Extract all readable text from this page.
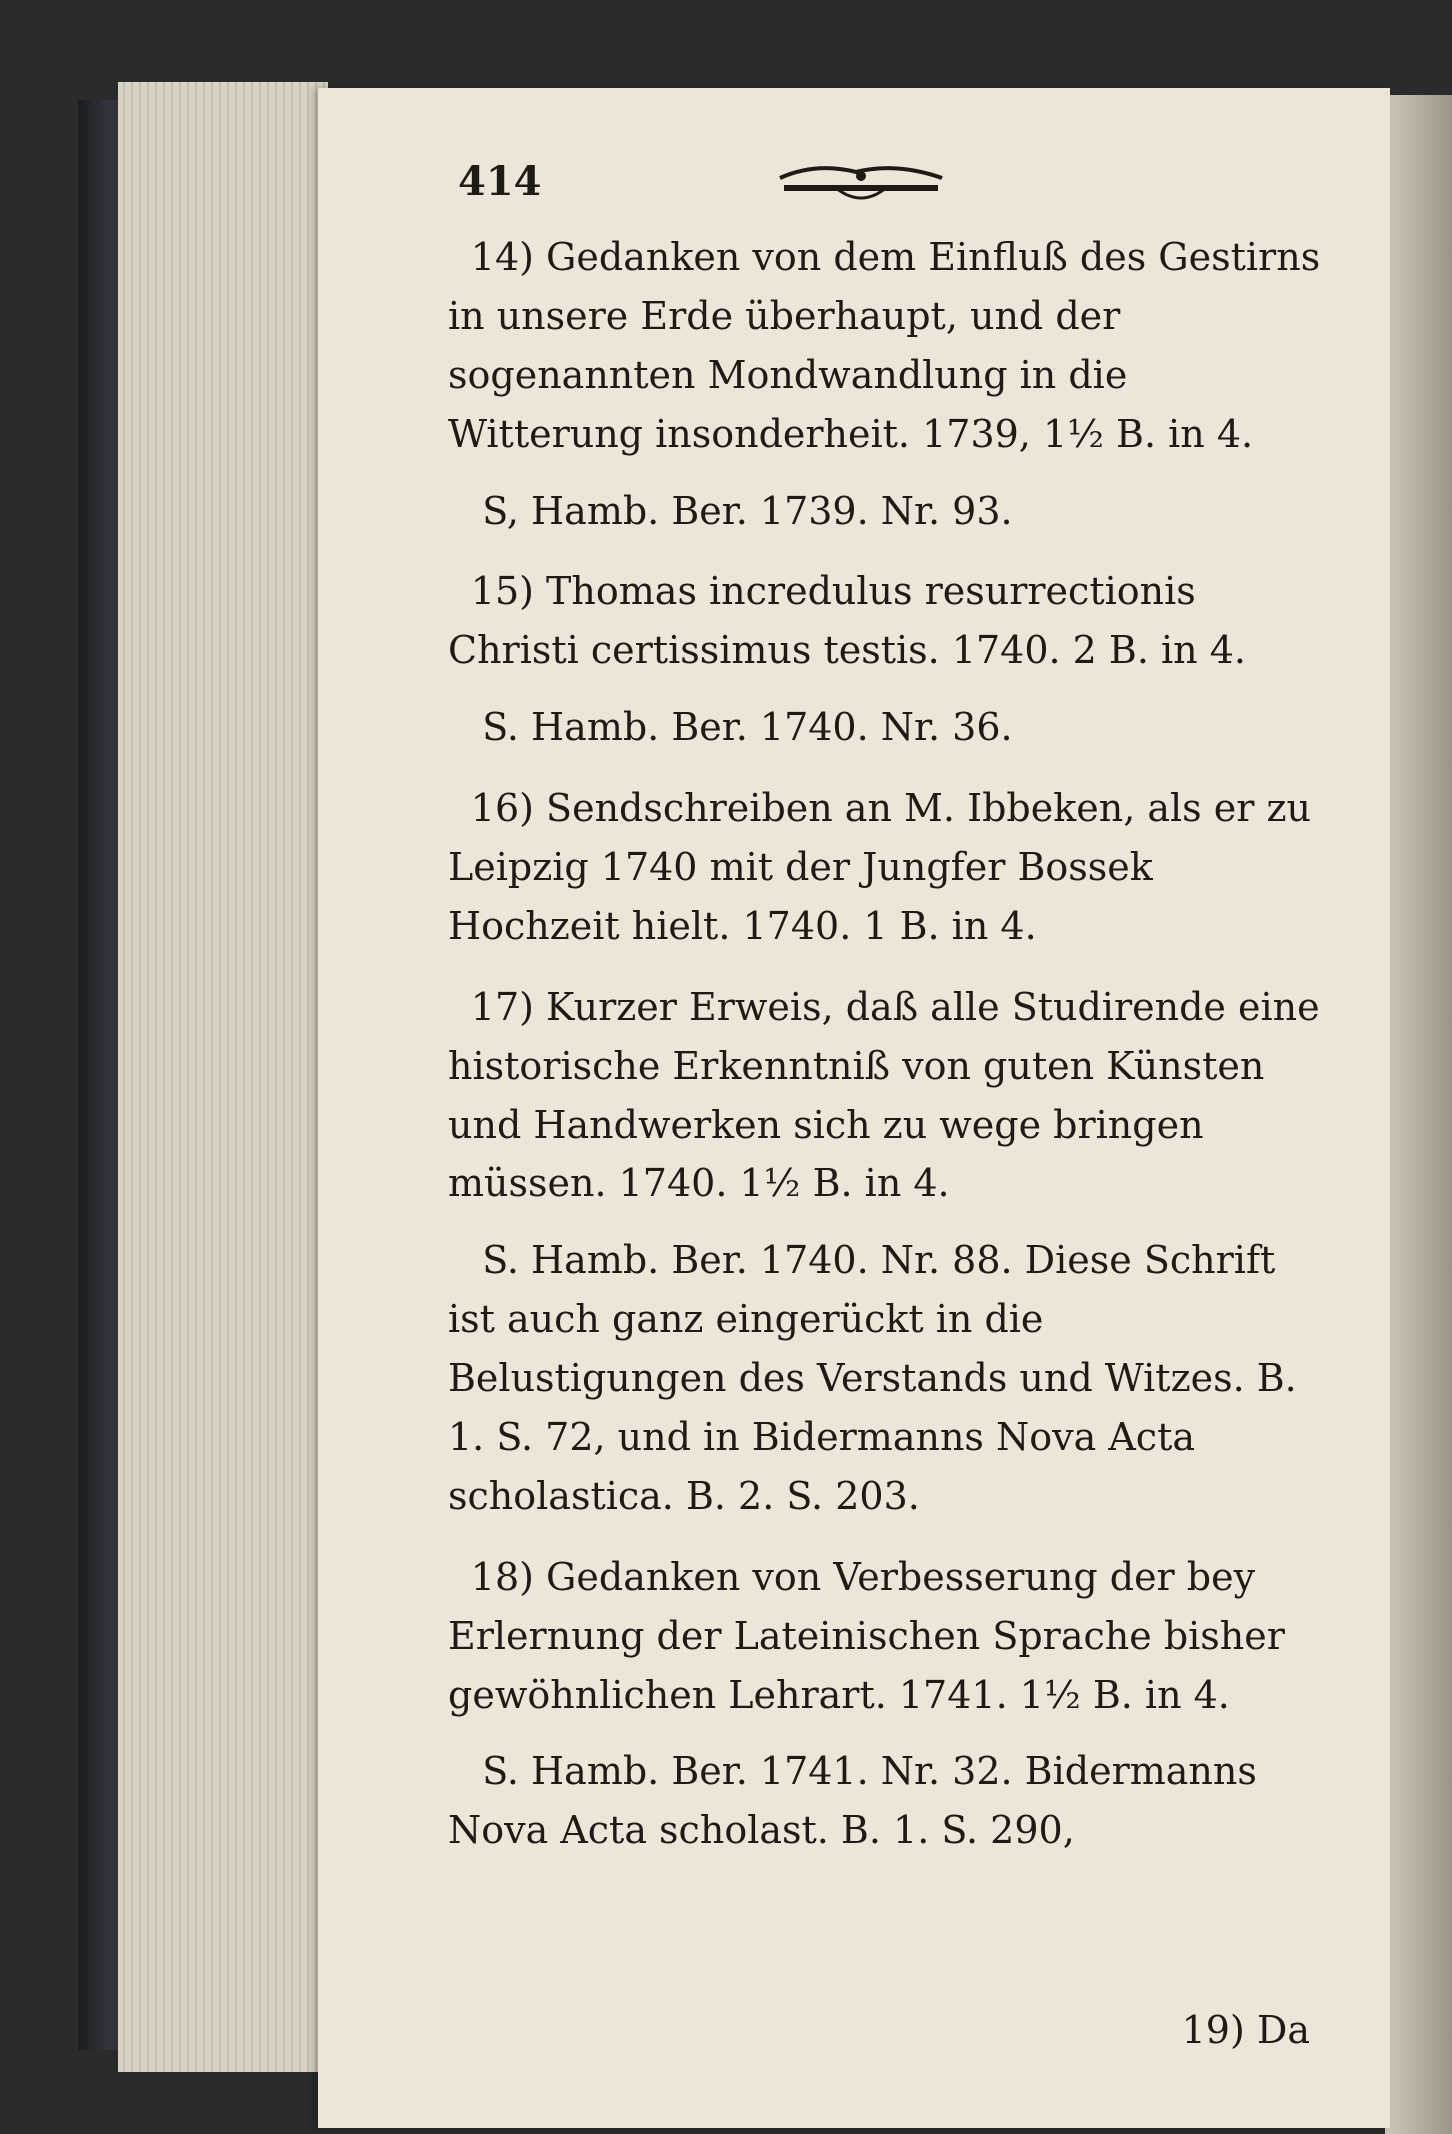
414

14) Gedanken von dem Einfluß des Gestirns in unsere Erde überhaupt, und der sogenannten Mondwandlung in die Witterung insonderheit. 1739, 1½ B. in 4.

S, Hamb. Ber. 1739. Nr. 93.

15) Thomas incredulus resurrectionis Christi certissimus testis. 1740. 2 B. in 4.

S. Hamb. Ber. 1740. Nr. 36.

16) Sendschreiben an M. Ibbeken, als er zu Leipzig 1740 mit der Jungfer Bossek Hochzeit hielt. 1740. 1 B. in 4.

17) Kurzer Erweis, daß alle Studirende eine historische Erkenntniß von guten Künsten und Handwerken sich zu wege bringen müssen. 1740. 1½ B. in 4.

S. Hamb. Ber. 1740. Nr. 88. Diese Schrift ist auch ganz eingerückt in die Belustigungen des Verstands und Witzes. B. 1. S. 72, und in Bidermanns Nova Acta scholastica. B. 2. S. 203.

18) Gedanken von Verbesserung der bey Erlernung der Lateinischen Sprache bisher gewöhnlichen Lehrart. 1741. 1½ B. in 4.

S. Hamb. Ber. 1741. Nr. 32. Bidermanns Nova Acta scholast. B. 1. S. 290,

19) Da
